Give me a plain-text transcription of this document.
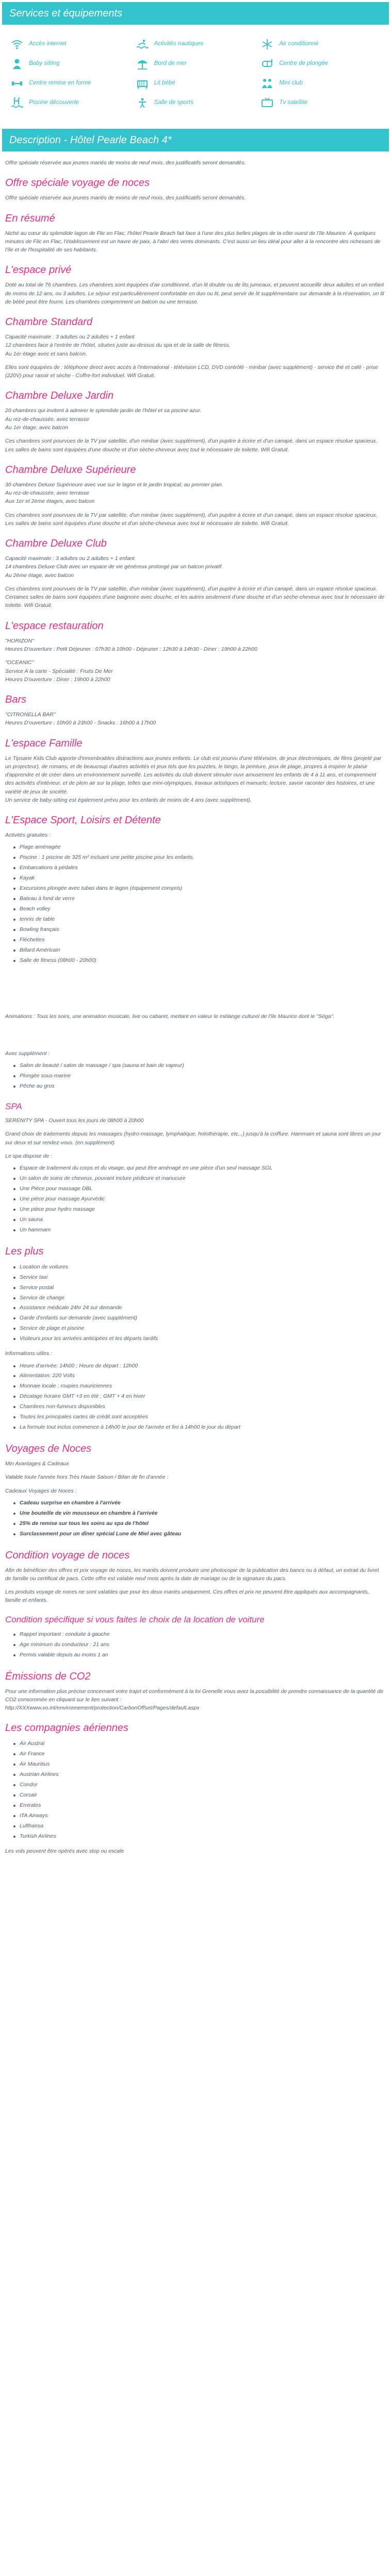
Services et équipements
Accès internet	Activités nautiques	Air conditionné
Baby sitting	Bord de mer	Centre de plongée
Centre remise en forme	Lit bébé	Mini club
Piscine découverte	Salle de sports	Tv satellite
Description - Hôtel Pearle Beach 4*

Offre spéciale réservée aux jeunes mariés de moins de neuf mois, des justificatifs seront demandés.

Offre spéciale voyage de noces

Offre spéciale réservée aux jeunes mariés de moins de neuf mois, des justificatifs seront demandés.

En résumé

Niché au cœur du splendide lagon de Flic en Flac, l'hôtel Pearle Beach fait face à l'une des plus belles plages de la côte ouest de l'île Maurice. À quelques minutes de Flic en Flac, l'établissement est un havre de paix, à l'abri des vents dominants. C'est aussi un lieu idéal pour aller à la rencontre des richesses de l'île et de l'hospitalité de ses habitants.

L'espace privé

Doté au total de 76 chambres. Les chambres sont équipées d'air conditionné, d'un lit double ou de lits jumeaux, et peuvent accueillir deux adultes et un enfant de moins de 12 ans, ou 3 adultes. Le séjour est particulièrement confortable en duo ou lit, peut servir de lit supplémentaire sur demande à la réservation, un lit de bébé peut être fourni. Les chambres comprennent un balcon ou une terrasse.

Chambre Standard

Capacité maximale : 3 adultes ou 2 adultes + 1 enfant

12 chambres face à l'entrée de l'hôtel, situées juste au-dessus du spa et de la salle de fitness.

Au 1er étage avec et sans balcon.

Elles sont équipées de : téléphone direct avec accès à l'international - télévision LCD, DVD contrôlé - minibar (avec supplément) - service thé et café - prise (220V) pour rasoir et sèche - Coffre-fort individuel. Wifi Gratuit.

Chambre Deluxe Jardin

20 chambres qui invitent à admirer le splendide jardin de l'hôtel et sa piscine azur.

Au rez-de-chaussée, avec terrasse

Au 1er étage, avec balcon

Ces chambres sont pourvues de la TV par satellite, d'un minibar (avec supplément), d'un pupitre à écrire et d'un canapé, dans un espace résolue spacieux. Les salles de bains sont équipées d'une douche et d'un sèche-cheveux avec tout le nécessaire de toilette. Wifi Gratuit.

Chambre Deluxe Supérieure

30 chambres Deluxe Supérieure avec vue sur le lagon et le jardin tropical, au premier plan.

Au rez-de-chaussée, avec terrasse

Aux 1er et 2ème étages, avec balcon

Ces chambres sont pourvues de la TV par satellite, d'un minibar (avec supplément), d'un pupitre à écrire et d'un canapé, dans un espace résolue spacieux. Les salles de bains sont équipées d'une douche et d'un sèche-cheveux avec tout le nécessaire de toilette. Wifi Gratuit.

Chambre Deluxe Club

Capacité maximale : 3 adultes ou 2 adultes + 1 enfant

14 chambres Deluxe Club avec un espace de vie généreux prolongé par un balcon privatif.

Au 2ème étage, avec balcon

Ces chambres sont pourvues de la TV par satellite, d'un minibar (avec supplément), d'un pupitre à écrire et d'un canapé, dans un espace résolue spacieux. Certaines salles de bains sont équipées d'une baignoire avec douche, et les autres seulement d'une douche et d'un sèche-cheveux avec tout le nécessaire de toilette. Wifi Gratuit.

L'espace restauration

"HORIZON"

Heures D'ouverture : Petit Déjeuner : 07h30 à 10h00 - Déjeuner : 12h30 à 14h30 - Diner : 19h00 à 22h00

"OCEANIC"

Service A la carte - Spécialité : Fruits De Mer

Heures D'ouverture : Diner : 19h00 à 22h00

Bars

"CITRONELLA BAR"

Heures D'ouverture : 10h00 à 23h00 - Snacks : 16h00 à 17h00

L'espace Famille

Le Tipsarie Kids Club apporte d'innombrables distractions aux jeunes enfants. Le club est pourvu d'une télévision, de jeux électroniques, de films (projeté par un projecteur), de romans, et de beaucoup d'autres activités et jeux tels que les puzzles, le bingo, la peinture, jeux de plage, propres à inspirer le plaisir d'apprendre et de créer dans un environnement surveillé. Les activités du club doivent stimuler ouvr amusement les enfants de 4 à 11 ans, et comprennent des activités d'intérieur, et de plein air sur la plage, telles que mini-olympiques, travaux artistiques et manuels; lecture, savoir raconter des histoires, et une variété de jeux de société.

Un service de baby-sitting est également prévu pour les enfants de moins de 4 ans (avec supplément).

L'Espace Sport, Loisirs et Détente

Activités gratuites :

Plage aménagée
Piscine : 1 piscine de 325 m² incluant une petite piscine pour les enfants.
Embarcations à pédales
Kayak
Excursions plongée avec tubas dans le lagon (équipement compris)
Bateau à fond de verre
Beach volley
tennis de table
Bowling français
Fléchettes
Billard Américain
Salle de fitness (08h00 - 20h00)

Animations : Tous les soirs, une animation musicale, live ou cabaret, mettant en valeur le mélange culturel de l'île Maurice dont le "Séga".

Avec supplément :

Salon de beauté / salon de massage / spa (sauna et bain de vapeur)
Plongée sous-marine
Pêche au gros
SPA

SERENITY SPA - Ouvert tous les jours de 08h00 à 20h00

Grand choix de traitements depuis les massages (hydro-massage, lymphatique, holothérapie, etc...) jusqu'à la coiffure. Hammam et sauna sont libres un jour sur deux et sur rendez-vous. (en supplément)

Le spa dispose de :

Espace de traitement du corps et du visage, qui peut être aménagé en une pièce d'un seul massage SGL
Un salon de soins de cheveux, pouvant inclure pédicure et manucure
Une Pièce pour massage DBL
Une pièce pour massage Ayurvédic
Une pièce pour hydro massage
Un sauna
Un hammam
Les plus
Location de voitures
Service taxi
Service postal
Service de change
Assistance médicale 24hr 24 sur demande
Garde d'enfants sur demande (avec supplément)
Service de plage et piscine
Visiteurs pour les arrivées anticipées et les départs tardifs

Informations utiles :

Heure d'arrivée: 14h00 ; Heure de départ : 12h00
Alimentation: 220 Volts
Monnaie locale : roupies mauriciennes
Décalage horaire GMT +3 en été ; GMT + 4 en hiver
Chambres non-fumeurs disponibles
Toutes les principales cartes de crédit sont acceptées
La formule tout inclus commence à 14h00 le jour de l'arrivée et fini à 14h00 le jour du départ
Voyages de Noces

Min Avantages & Cadeaux

Valable toute l'année hors Très Haute Saison / Bilan de fin d'année :

Cadeaux Voyages de Noces :

Cadeau surprise en chambre à l'arrivée
Une bouteille de vin mousseux en chambre à l'arrivée
25% de remise sur tous les soins au spa de l'hôtel
Surclassement pour un dîner spécial Lune de Miel avec gâteau
Condition voyage de noces

Afin de bénéficier des offres et prix voyage de noces, les mariés doivent produire une photocopie de la publication des bancs ou à défaut, un extrait du livret de famille ou certificat de pacs. Cette offre est valable neuf mois après la date de mariage ou de la signature du pacs.

Les produits voyage de noces ne sont valables que pour les deux mariés uniquement. Ces offres et prix ne peuvent être appliqués aux accompagnants, famille et enfants.

Condition spécifique si vous faites le choix de la location de voiture
Rappel important : conduite à gauche
Age minimum du conducteur : 21 ans
Permis valable depuis au moins 1 an
Émissions de CO2

Pour une information plus précise concernant votre trajet et conformément à la loi Grenelle vous avez la possibilité de prendre connaissance de la quantité de CO2 consommée en cliquant sur le lien suivant :

http://XXXwww.vo.int/environnement/protection/CarbonOffset/Pages/default.aspx

Les compagnies aériennes
Air Austral
Air France
Air Mauritius
Austrian Airlines
Condor
Corsair
Emirates
ITA Airways
Lufthansa
Turkish Airlines

Les vols peuvent être opérés avec stop ou escale
